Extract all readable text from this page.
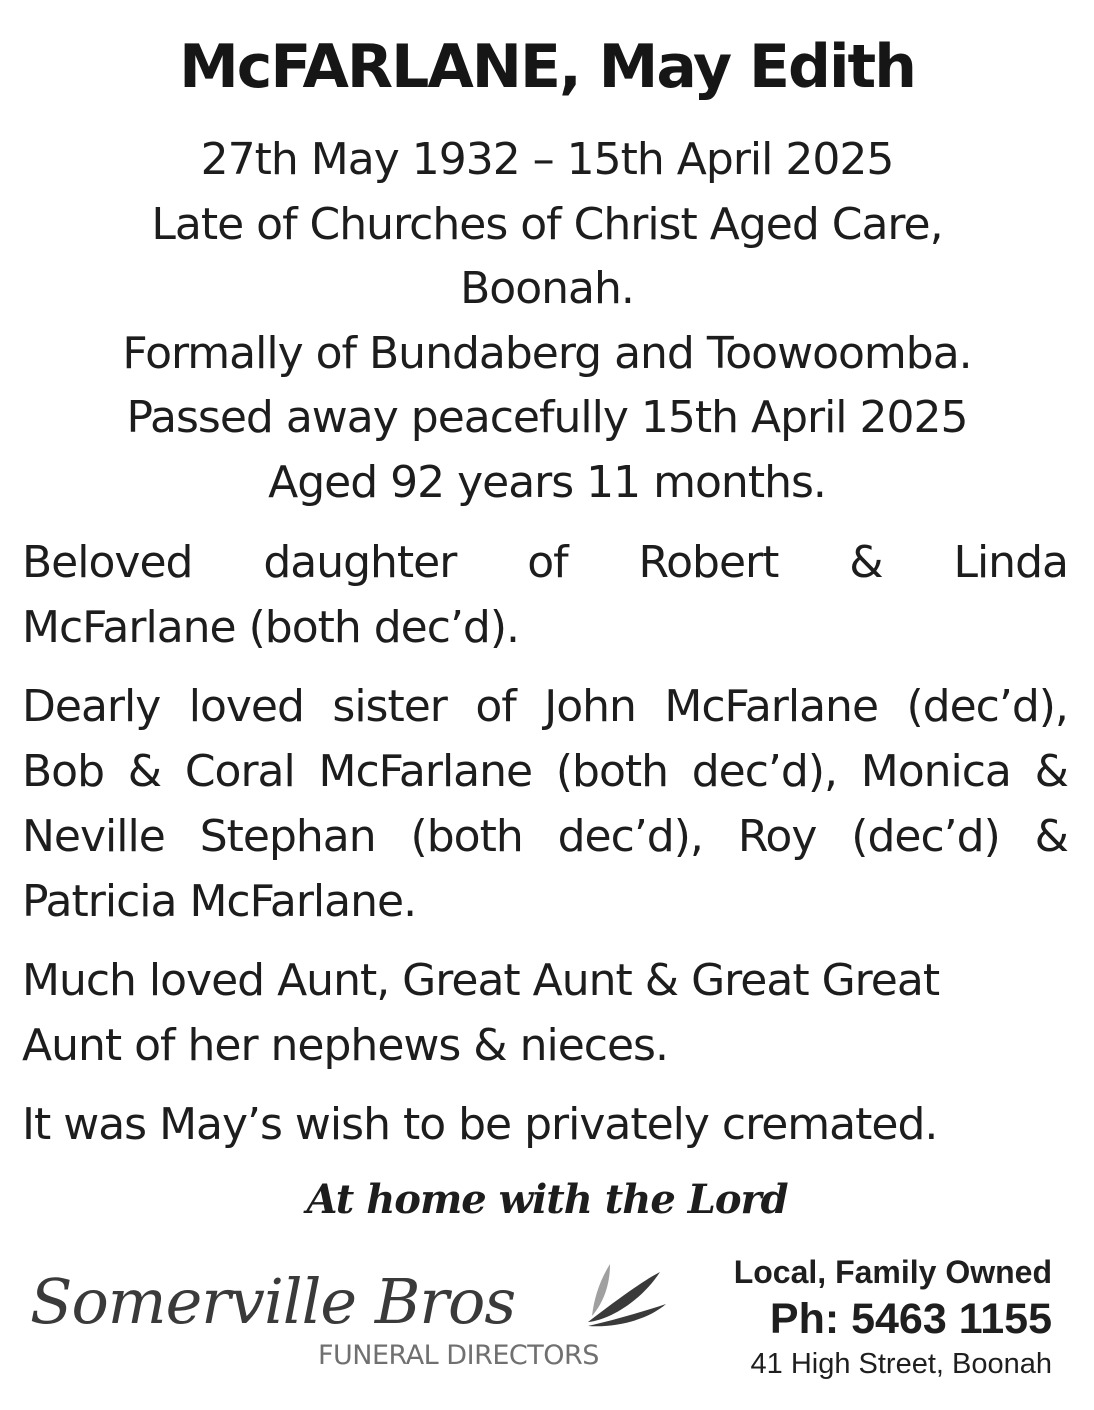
McFARLANE, May Edith
27th May 1932 – 15th April 2025
Late of Churches of Christ Aged Care,
Boonah.
Formally of Bundaberg and Toowoomba.
Passed away peacefully 15th April 2025
Aged 92 years 11 months.
Beloved daughter of Robert & Linda
McFarlane (both dec’d).
Dearly loved sister of John McFarlane (dec’d),
Bob & Coral McFarlane (both dec’d), Monica &
Neville Stephan (both dec’d), Roy (dec’d) &
Patricia McFarlane.
Much loved Aunt, Great Aunt & Great Great
Aunt of her nephews & nieces.
It was May’s wish to be privately cremated.
At home with the Lord
Somerville Bros
FUNERAL DIRECTORS
Local, Family Owned
Ph: 5463 1155
41 High Street, Boonah
